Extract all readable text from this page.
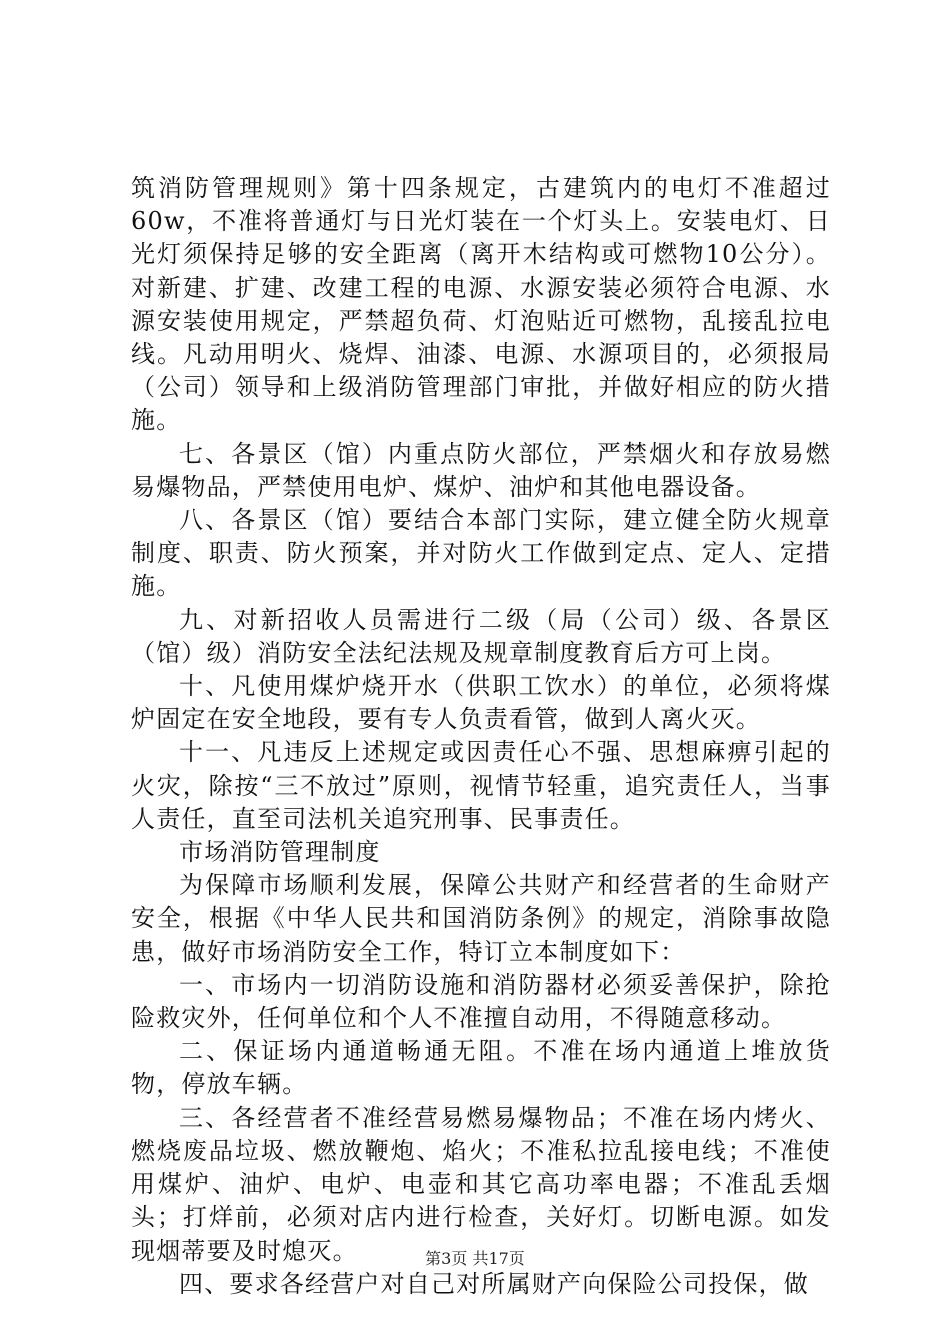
筑消防管理规则》第十四条规定，古建筑内的电灯不准超过60w，不准将普通灯与日光灯装在一个灯头上。安装电灯、日光灯须保持足够的安全距离（离开木结构或可燃物10公分）。对新建、扩建、改建工程的电源、水源安装必须符合电源、水源安装使用规定，严禁超负荷、灯泡贴近可燃物，乱接乱拉电线。凡动用明火、烧焊、油漆、电源、水源项目的，必须报局（公司）领导和上级消防管理部门审批，并做好相应的防火措施。

七、各景区（馆）内重点防火部位，严禁烟火和存放易燃易爆物品，严禁使用电炉、煤炉、油炉和其他电器设备。

八、各景区（馆）要结合本部门实际，建立健全防火规章制度、职责、防火预案，并对防火工作做到定点、定人、定措施。

九、对新招收人员需进行二级（局（公司）级、各景区（馆）级）消防安全法纪法规及规章制度教育后方可上岗。

十、凡使用煤炉烧开水（供职工饮水）的单位，必须将煤炉固定在安全地段，要有专人负责看管，做到人离火灭。

十一、凡违反上述规定或因责任心不强、思想麻痹引起的火灾，除按“三不放过”原则，视情节轻重，追究责任人，当事人责任，直至司法机关追究刑事、民事责任。

市场消防管理制度

为保障市场顺利发展，保障公共财产和经营者的生命财产安全，根据《中华人民共和国消防条例》的规定，消除事故隐患，做好市场消防安全工作，特订立本制度如下：

一、市场内一切消防设施和消防器材必须妥善保护，除抢险救灾外，任何单位和个人不准擅自动用，不得随意移动。

二、保证场内通道畅通无阻。不准在场内通道上堆放货物，停放车辆。

三、各经营者不准经营易燃易爆物品；不准在场内烤火、燃烧废品垃圾、燃放鞭炮、焰火；不准私拉乱接电线；不准使用煤炉、油炉、电炉、电壶和其它高功率电器；不准乱丢烟头；打烊前，必须对店内进行检查，关好灯。切断电源。如发现烟蒂要及时熄灭。

四、要求各经营户对自己对所属财产向保险公司投保，做

第3页 共17页
